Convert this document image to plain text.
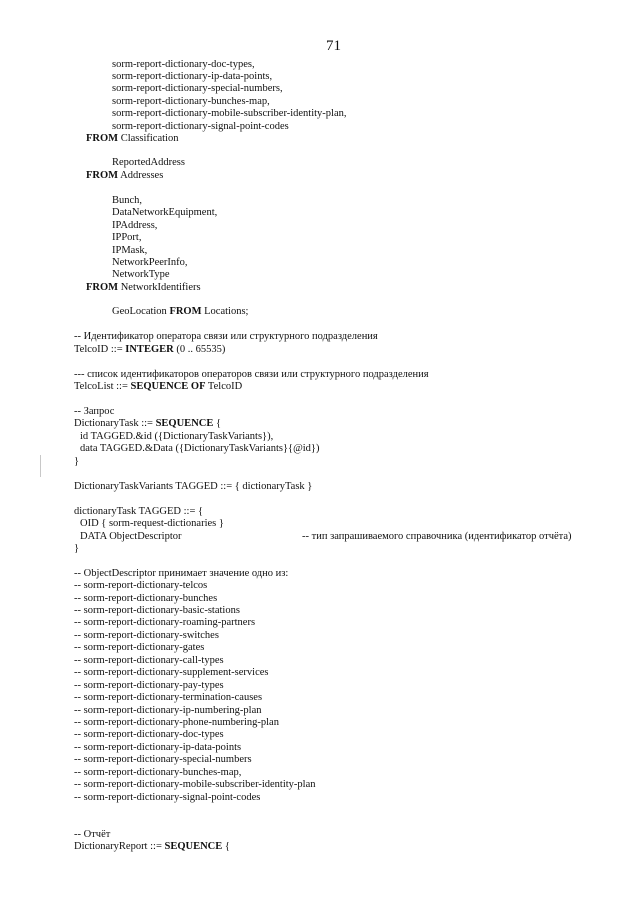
71
sorm-report-dictionary-doc-types,
sorm-report-dictionary-ip-data-points,
sorm-report-dictionary-special-numbers,
sorm-report-dictionary-bunches-map,
sorm-report-dictionary-mobile-subscriber-identity-plan,
sorm-report-dictionary-signal-point-codes
FROM Classification
ReportedAddress
FROM Addresses
Bunch,
DataNetworkEquipment,
IPAddress,
IPPort,
IPMask,
NetworkPeerInfo,
NetworkType
FROM NetworkIdentifiers
GeoLocation FROM Locations;
-- Идентификатор оператора связи или структурного подразделения
TelcoID ::= INTEGER (0 .. 65535)
--- список идентификаторов операторов связи или структурного подразделения
TelcoList ::= SEQUENCE OF TelcoID
-- Запрос
DictionaryTask ::= SEQUENCE {
id TAGGED.&id ({DictionaryTaskVariants}),
data TAGGED.&Data ({DictionaryTaskVariants}{@id})
}
DictionaryTaskVariants TAGGED ::= { dictionaryTask }
dictionaryTask TAGGED ::= {
OID { sorm-request-dictionaries }
DATA ObjectDescriptor
}
-- ObjectDescriptor принимает значение одно из:
-- sorm-report-dictionary-telcos
-- sorm-report-dictionary-bunches
-- sorm-report-dictionary-basic-stations
-- sorm-report-dictionary-roaming-partners
-- sorm-report-dictionary-switches
-- sorm-report-dictionary-gates
-- sorm-report-dictionary-call-types
-- sorm-report-dictionary-supplement-services
-- sorm-report-dictionary-pay-types
-- sorm-report-dictionary-termination-causes
-- sorm-report-dictionary-ip-numbering-plan
-- sorm-report-dictionary-phone-numbering-plan
-- sorm-report-dictionary-doc-types
-- sorm-report-dictionary-ip-data-points
-- sorm-report-dictionary-special-numbers
-- sorm-report-dictionary-bunches-map,
-- sorm-report-dictionary-mobile-subscriber-identity-plan
-- sorm-report-dictionary-signal-point-codes
-- Отчёт
DictionaryReport ::= SEQUENCE {
-- тип запрашиваемого справочника (идентификатор отчёта)
